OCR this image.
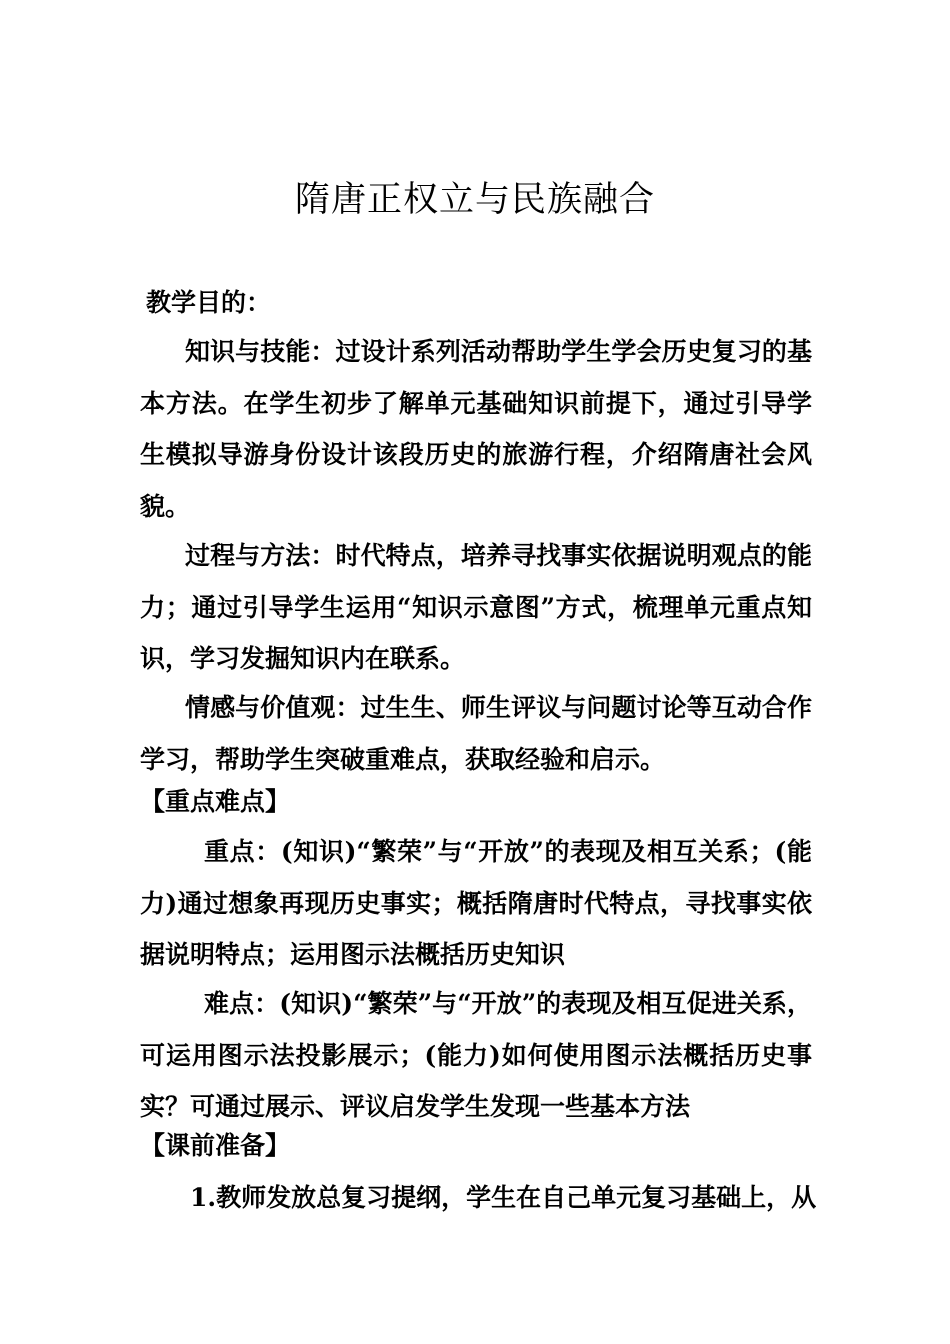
隋唐正权立与民族融合
教学目的：

知识与技能：过设计系列活动帮助学生学会历史复习的基本方法。在学生初步了解单元基础知识前提下，通过引导学生模拟导游身份设计该段历史的旅游行程，介绍隋唐社会风貌。

过程与方法：时代特点，培养寻找事实依据说明观点的能力；通过引导学生运用“知识示意图”方式，梳理单元重点知识，学习发掘知识内在联系。

情感与价值观：过生生、师生评议与问题讨论等互动合作学习，帮助学生突破重难点，获取经验和启示。

【重点难点】

重点：(知识)“繁荣”与“开放”的表现及相互关系；(能力)通过想象再现历史事实；概括隋唐时代特点，寻找事实依据说明特点；运用图示法概括历史知识

难点：(知识)“繁荣”与“开放”的表现及相互促进关系，可运用图示法投影展示；(能力)如何使用图示法概括历史事实？可通过展示、评议启发学生发现一些基本方法

【课前准备】
1.教师发放总复习提纲，学生在自己单元复习基础上，从
